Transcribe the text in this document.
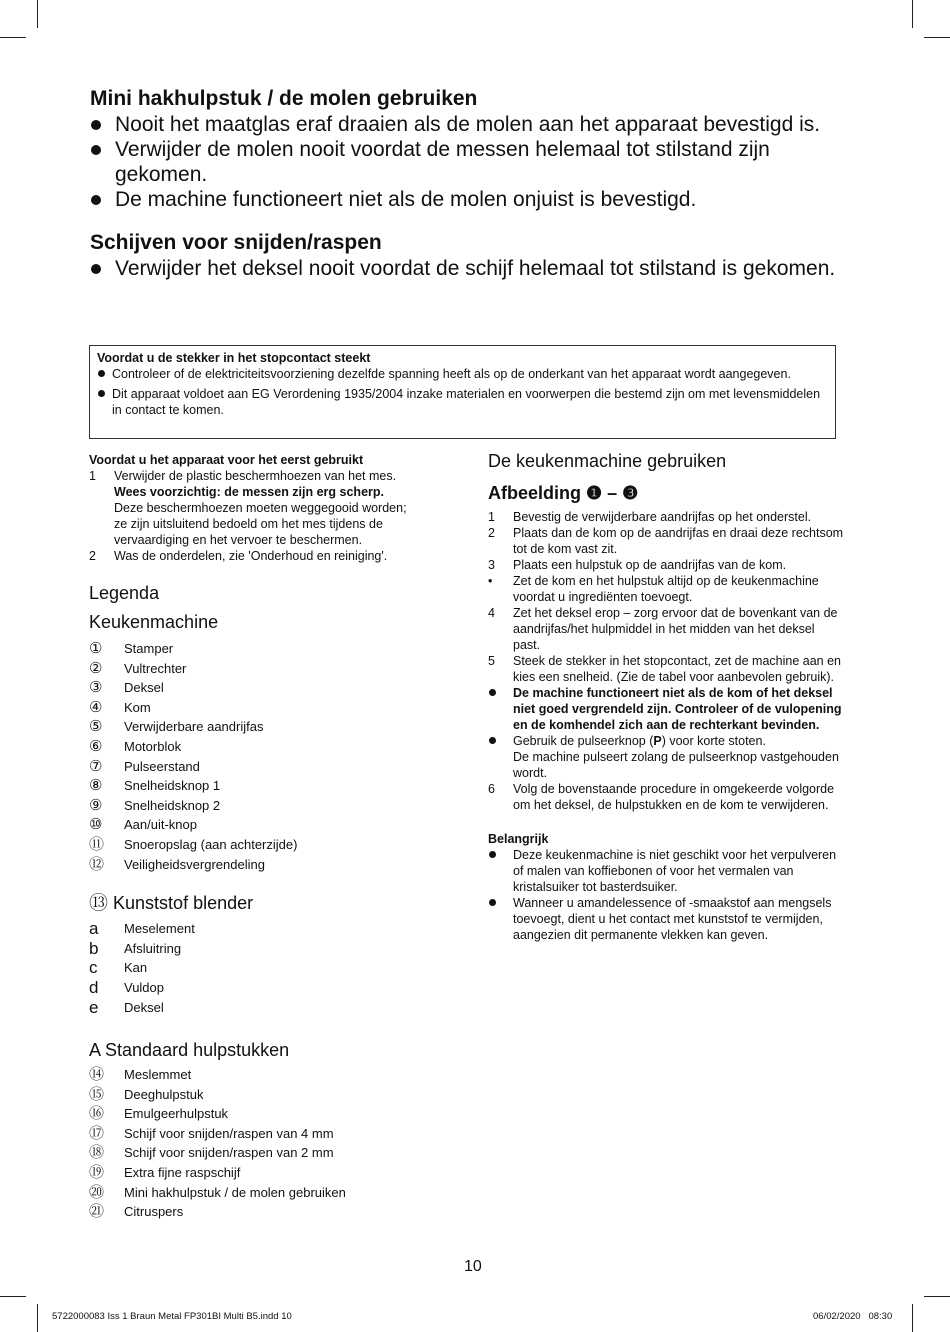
Mini hakhulpstuk / de molen gebruiken
Nooit het maatglas eraf draaien als de molen aan het apparaat bevestigd is.
Verwijder de molen nooit voordat de messen helemaal tot stilstand zijn gekomen.
De machine functioneert niet als de molen onjuist is bevestigd.
Schijven voor snijden/raspen
Verwijder het deksel nooit voordat de schijf helemaal tot stilstand is gekomen.
Voordat u de stekker in het stopcontact steekt
Controleer of de elektriciteitsvoorziening dezelfde spanning heeft als op de onderkant van het apparaat wordt aangegeven.
Dit apparaat voldoet aan EG Verordening 1935/2004 inzake materialen en voorwerpen die bestemd zijn om met levensmiddelen in contact te komen.
Voordat u het apparaat voor het eerst gebruikt
1 Verwijder de plastic beschermhoezen van het mes.
Wees voorzichtig: de messen zijn erg scherp.
Deze beschermhoezen moeten weggegooid worden; ze zijn uitsluitend bedoeld om het mes tijdens de vervaardiging en het vervoer te beschermen.
2 Was de onderdelen, zie 'Onderhoud en reiniging'.
Legenda
Keukenmachine
① Stamper
② Vultrechter
③ Deksel
④ Kom
⑤ Verwijderbare aandrijfas
⑥ Motorblok
⑦ Pulseerstand
⑧ Snelheidsknop 1
⑨ Snelheidsknop 2
⑩ Aan/uit-knop
⑪ Snoeropslag (aan achterzijde)
⑫ Veiligheidsvergrendeling
⑬ Kunststof blender
a Meselement
b Afsluitring
c Kan
d Vuldop
e Deksel
A Standaard hulpstukken
⑭ Meslemmet
⑮ Deeghulpstuk
⑯ Emulgeerhulpstuk
⑰ Schijf voor snijden/raspen van 4 mm
⑱ Schijf voor snijden/raspen van 2 mm
⑲ Extra fijne raspschijf
⑳ Mini hakhulpstuk / de molen gebruiken
㉑ Citruspers
De keukenmachine gebruiken
Afbeelding ❶ – ❸
1 Bevestig de verwijderbare aandrijfas op het onderstel.
2 Plaats dan de kom op de aandrijfas en draai deze rechtsom tot de kom vast zit.
3 Plaats een hulpstuk op de aandrijfas van de kom.
• Zet de kom en het hulpstuk altijd op de keukenmachine voordat u ingrediënten toevoegt.
4 Zet het deksel erop – zorg ervoor dat de bovenkant van de aandrijfas/het hulpmiddel in het midden van het deksel past.
5 Steek de stekker in het stopcontact, zet de machine aan en kies een snelheid. (Zie de tabel voor aanbevolen gebruik).
De machine functioneert niet als de kom of het deksel niet goed vergrendeld zijn. Controleer of de vulopening en de komhendel zich aan de rechterkant bevinden.
Gebruik de pulseerknop (P) voor korte stoten.
De machine pulseert zolang de pulseerknop vastgehouden wordt.
6 Volg de bovenstaande procedure in omgekeerde volgorde om het deksel, de hulpstukken en de kom te verwijderen.
Belangrijk
Deze keukenmachine is niet geschikt voor het verpulveren of malen van koffiebonen of voor het vermalen van kristalsuiker tot basterdsuiker.
Wanneer u amandelessence of -smaakstof aan mengsels toevoegt, dient u het contact met kunststof te vermijden, aangezien dit permanente vlekken kan geven.
10
5722000083 Iss 1 Braun Metal FP301BI Multi B5.indd 10	06/02/2020   08:30
